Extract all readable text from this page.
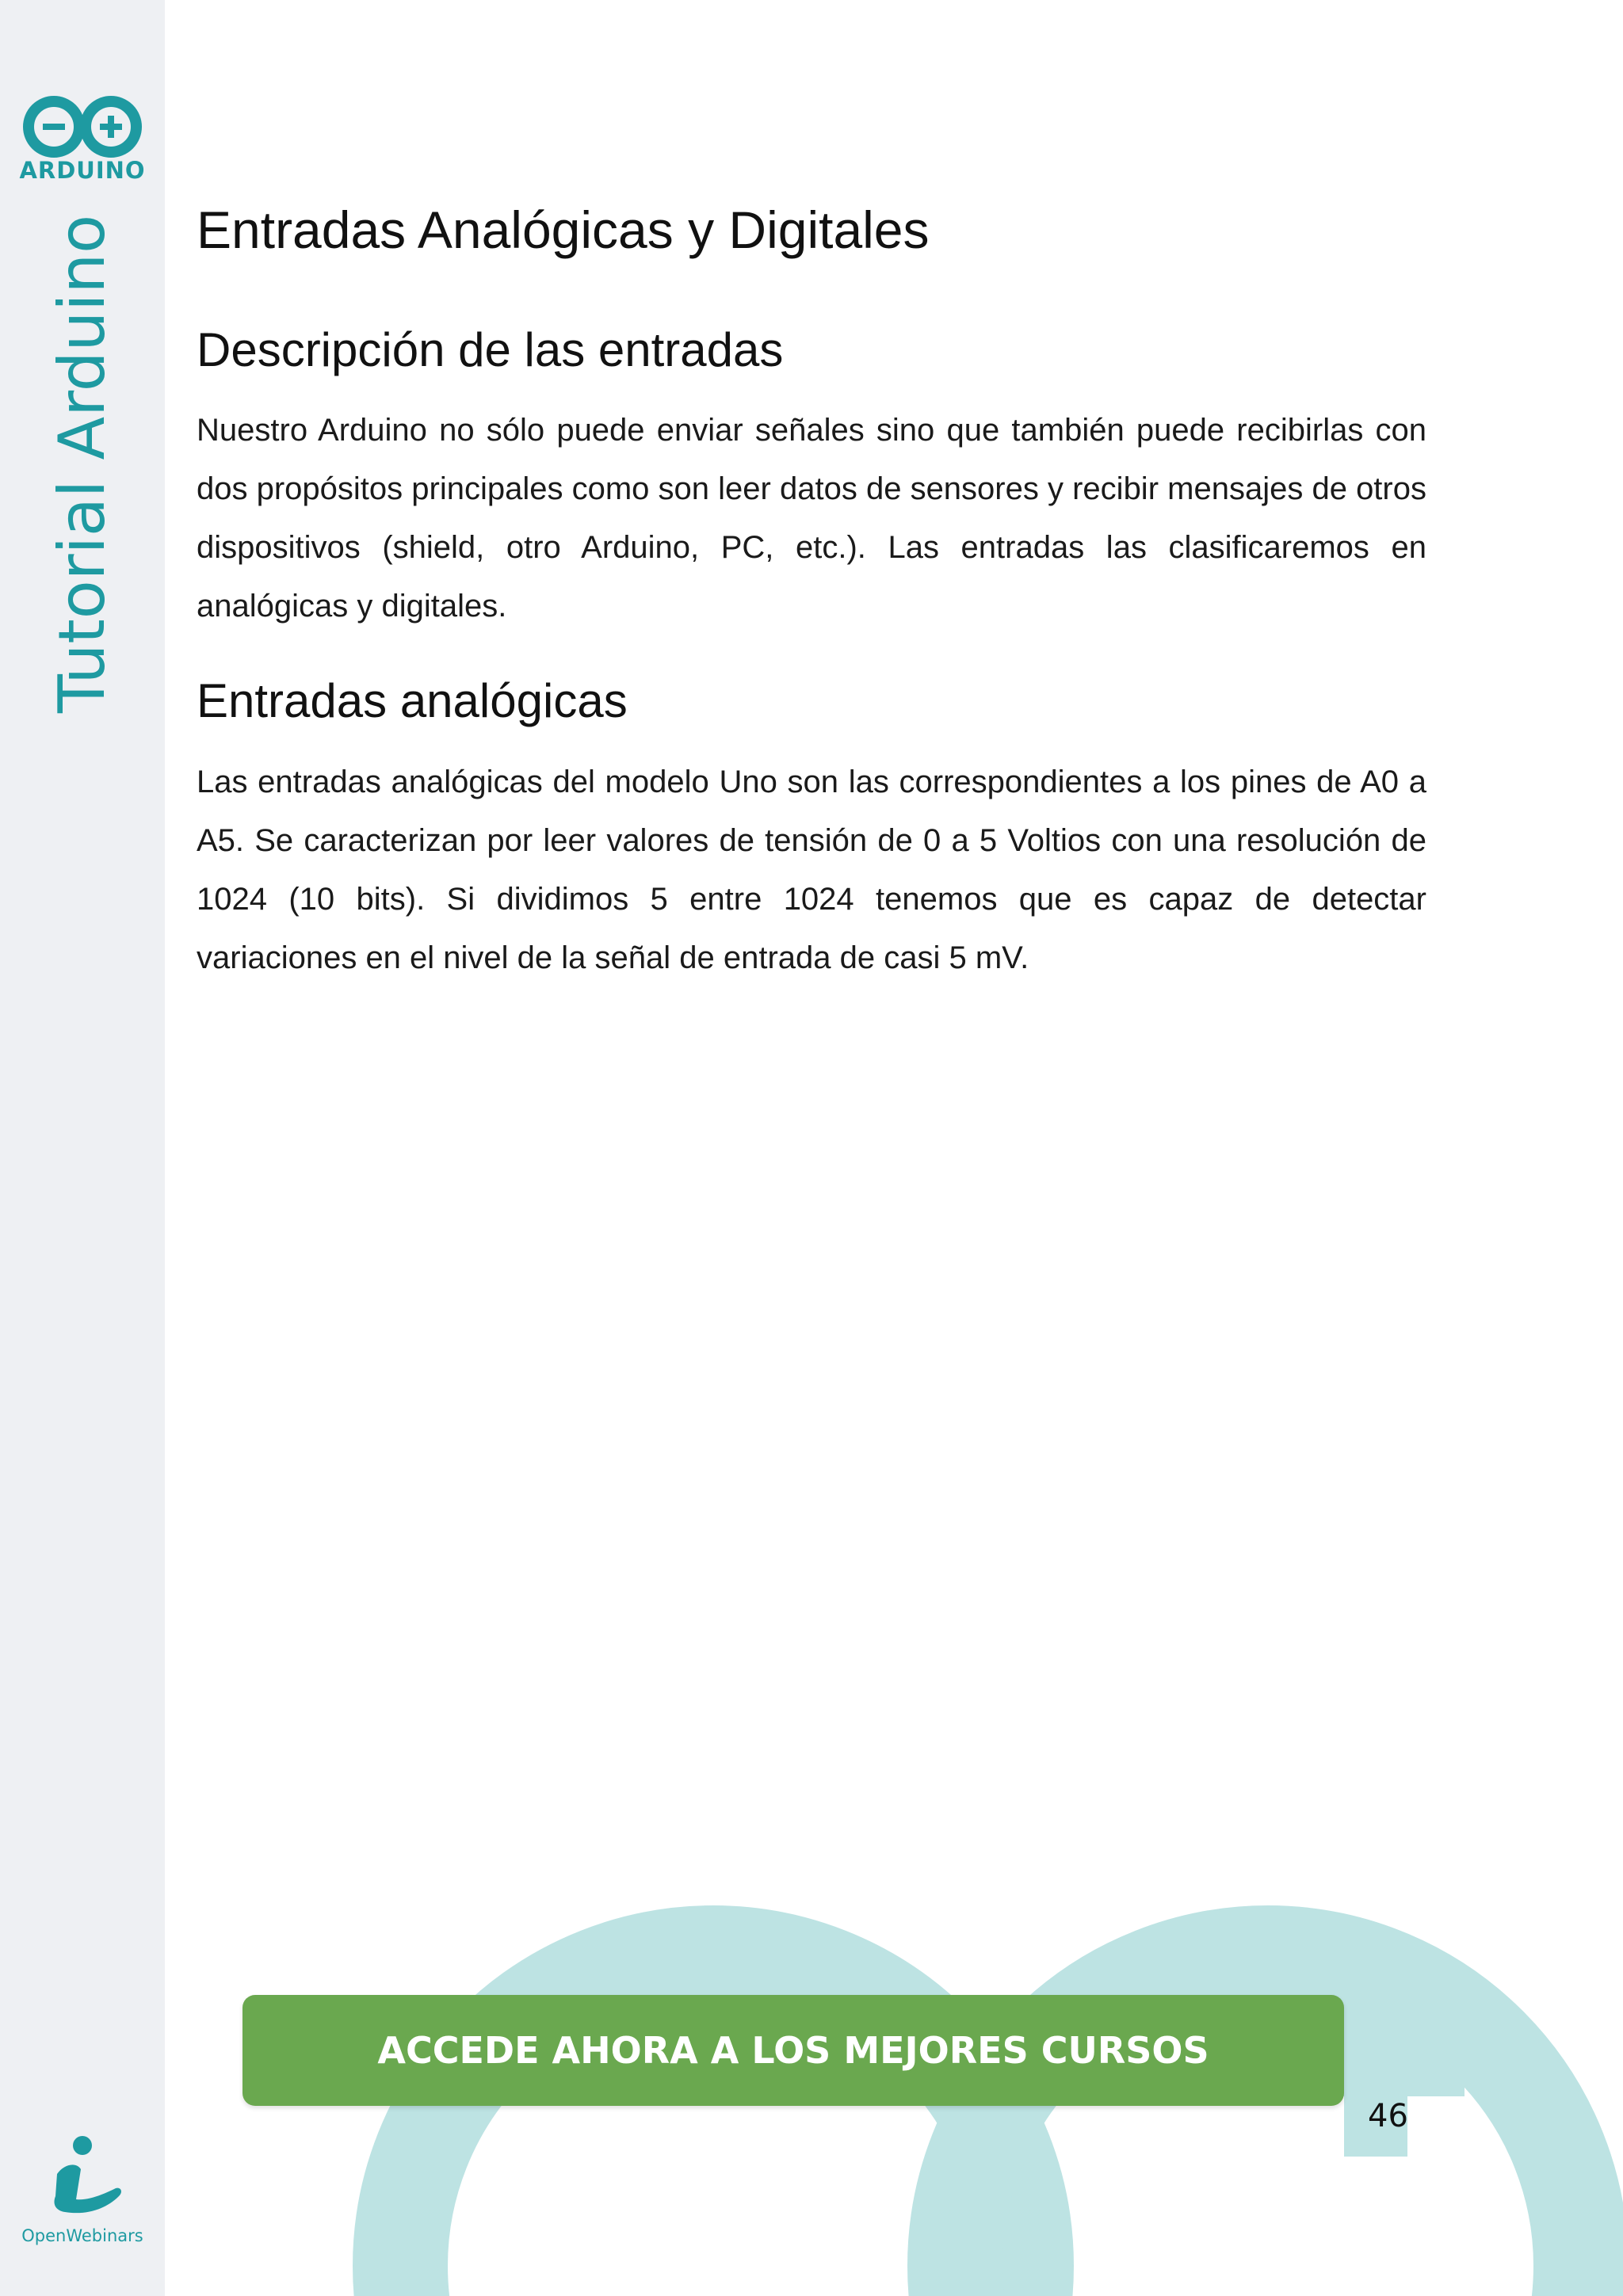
ARDUINO
Tutorial Arduino
OpenWebinars
Entradas Analógicas y Digitales
Descripción de las entradas

Nuestro Arduino no sólo puede enviar señales sino que también puede recibirlas con dos propósitos principales como son leer datos de sensores y recibir mensajes de otros dispositivos (shield, otro Arduino, PC, etc.). Las entradas las clasificaremos en analógicas y digitales.

Entradas analógicas

Las entradas analógicas del modelo Uno son las correspondientes a los pines de A0 a A5. Se caracterizan por leer valores de tensión de 0 a 5 Voltios con una resolución de 1024 (10 bits). Si dividimos 5 entre 1024 tenemos que es capaz de detectar variaciones en el nivel de la señal de entrada de casi 5 mV.

ACCEDE AHORA A LOS MEJORES CURSOS
46
